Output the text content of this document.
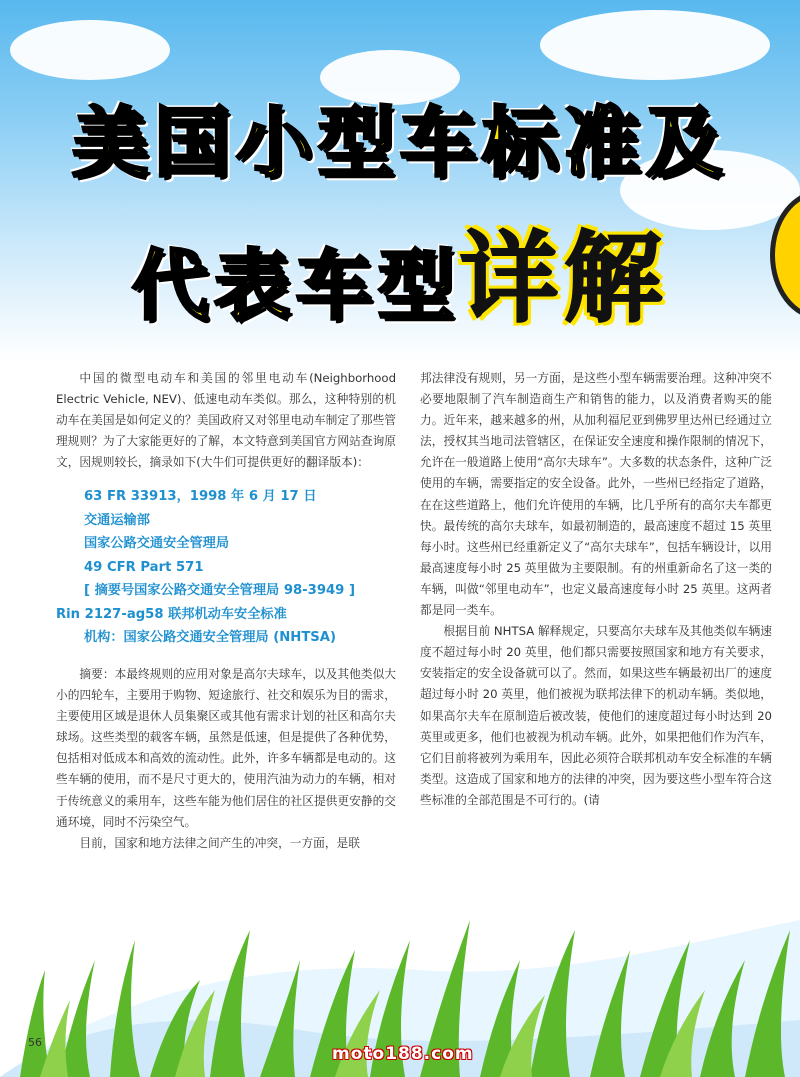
美国小型车标准及
代表车型详解

中国的微型电动车和美国的邻里电动车(Neighborhood Electric Vehicle, NEV)、低速电动车类似。那么，这种特别的机动车在美国是如何定义的？美国政府又对邻里电动车制定了那些管理规则？为了大家能更好的了解，本文特意到美国官方网站查询原文，因规则较长，摘录如下(大牛们可提供更好的翻译版本)：

63 FR 33913，1998 年 6 月 17 日
交通运输部
国家公路交通安全管理局
49 CFR Part 571
[ 摘要号国家公路交通安全管理局 98-3949 ]
Rin 2127-ag58 联邦机动车安全标准
机构：国家公路交通安全管理局 (NHTSA)

摘要：本最终规则的应用对象是高尔夫球车，以及其他类似大小的四轮车，主要用于购物、短途旅行、社交和娱乐为目的需求，主要使用区域是退休人员集聚区或其他有需求计划的社区和高尔夫球场。这些类型的载客车辆，虽然是低速，但是提供了各种优势，包括相对低成本和高效的流动性。此外，许多车辆都是电动的。这些车辆的使用，而不是尺寸更大的，使用汽油为动力的车辆，相对于传统意义的乘用车，这些车能为他们居住的社区提供更安静的交通环境，同时不污染空气。

目前，国家和地方法律之间产生的冲突，一方面，是联

邦法律没有规则，另一方面，是这些小型车辆需要治理。这种冲突不必要地限制了汽车制造商生产和销售的能力，以及消费者购买的能力。近年来，越来越多的州，从加利福尼亚到佛罗里达州已经通过立法，授权其当地司法管辖区，在保证安全速度和操作限制的情况下，允许在一般道路上使用“高尔夫球车”。大多数的状态条件，这种广泛使用的车辆，需要指定的安全设备。此外，一些州已经指定了道路，在在这些道路上，他们允许使用的车辆，比几乎所有的高尔夫车都更快。最传统的高尔夫球车，如最初制造的，最高速度不超过 15 英里每小时。这些州已经重新定义了“高尔夫球车”，包括车辆设计，以用最高速度每小时 25 英里做为主要限制。有的州重新命名了这一类的车辆，叫做“邻里电动车”，也定义最高速度每小时 25 英里。这两者都是同一类车。

根据目前 NHTSA 解释规定，只要高尔夫球车及其他类似车辆速度不超过每小时 20 英里，他们都只需要按照国家和地方有关要求，安装指定的安全设备就可以了。然而，如果这些车辆最初出厂的速度超过每小时 20 英里，他们被视为联邦法律下的机动车辆。类似地，如果高尔夫车在原制造后被改装，使他们的速度超过每小时达到 20 英里或更多，他们也被视为机动车辆。此外，如果把他们作为汽车，它们目前将被列为乘用车，因此必须符合联邦机动车安全标准的车辆类型。这造成了国家和地方的法律的冲突，因为要这些小型车符合这些标准的全部范围是不可行的。(请

56
moto188.com
